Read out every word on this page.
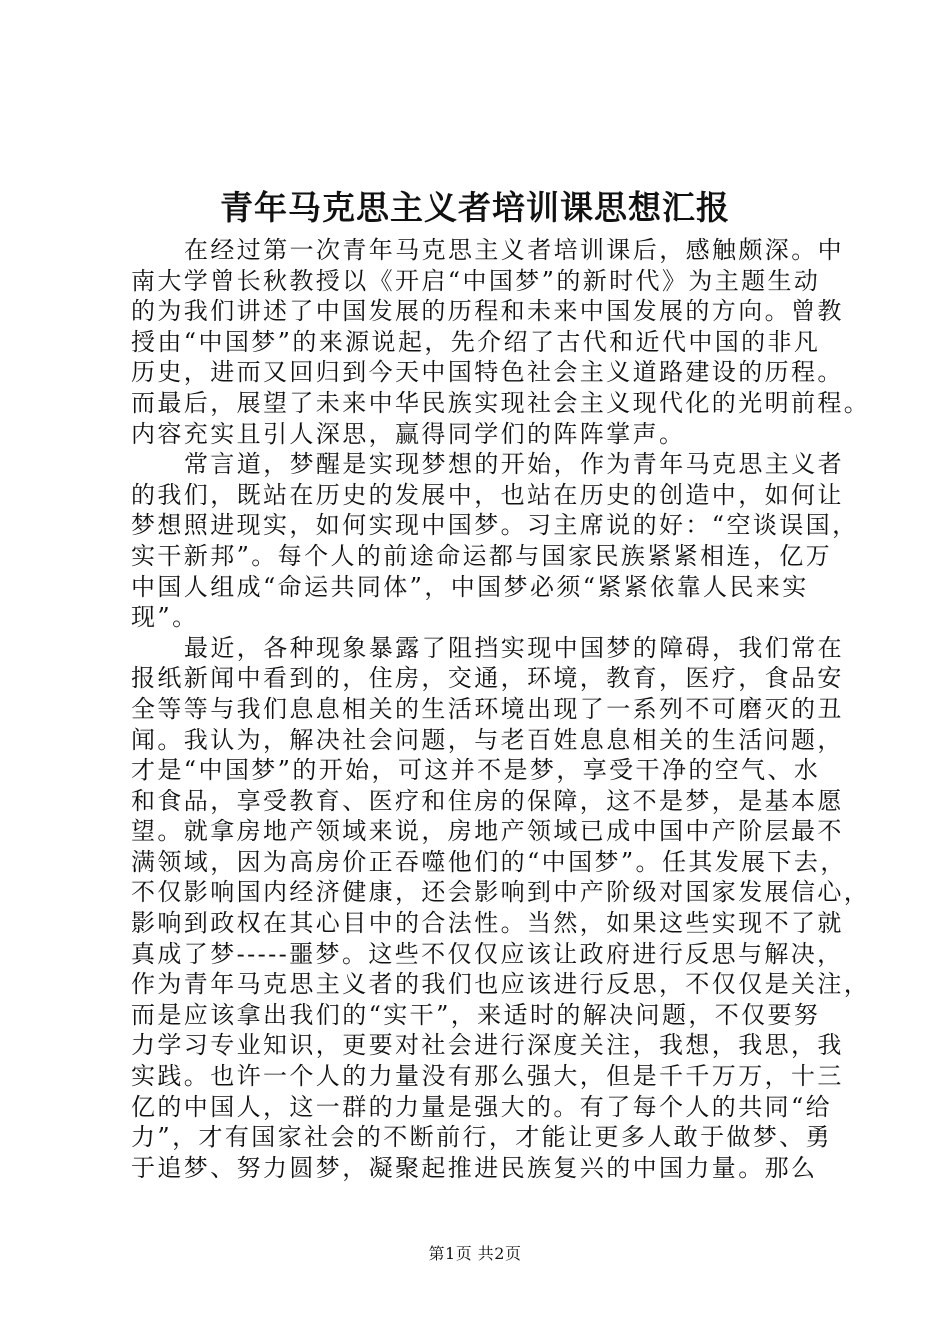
青年马克思主义者培训课思想汇报
在经过第一次青年马克思主义者培训课后，感触颇深。中
南大学曾长秋教授以《开启“中国梦”的新时代》为主题生动
的为我们讲述了中国发展的历程和未来中国发展的方向。曾教
授由“中国梦”的来源说起，先介绍了古代和近代中国的非凡
历史，进而又回归到今天中国特色社会主义道路建设的历程。
而最后，展望了未来中华民族实现社会主义现代化的光明前程。
内容充实且引人深思，赢得同学们的阵阵掌声。
常言道，梦醒是实现梦想的开始，作为青年马克思主义者
的我们，既站在历史的发展中，也站在历史的创造中，如何让
梦想照进现实，如何实现中国梦。习主席说的好：“空谈误国，
实干新邦”。每个人的前途命运都与国家民族紧紧相连，亿万
中国人组成“命运共同体”，中国梦必须“紧紧依靠人民来实
现”。
最近，各种现象暴露了阻挡实现中国梦的障碍，我们常在
报纸新闻中看到的，住房，交通，环境，教育，医疗，食品安
全等等与我们息息相关的生活环境出现了一系列不可磨灭的丑
闻。我认为，解决社会问题，与老百姓息息相关的生活问题，
才是“中国梦”的开始，可这并不是梦，享受干净的空气、水
和食品，享受教育、医疗和住房的保障，这不是梦，是基本愿
望。就拿房地产领域来说，房地产领域已成中国中产阶层最不
满领域，因为高房价正吞噬他们的“中国梦”。任其发展下去，
不仅影响国内经济健康，还会影响到中产阶级对国家发展信心，
影响到政权在其心目中的合法性。当然，如果这些实现不了就
真成了梦-----噩梦。这些不仅仅应该让政府进行反思与解决，
作为青年马克思主义者的我们也应该进行反思，不仅仅是关注，
而是应该拿出我们的“实干”，来适时的解决问题，不仅要努
力学习专业知识，更要对社会进行深度关注，我想，我思，我
实践。也许一个人的力量没有那么强大，但是千千万万，十三
亿的中国人，这一群的力量是强大的。有了每个人的共同“给
力”，才有国家社会的不断前行，才能让更多人敢于做梦、勇
于追梦、努力圆梦，凝聚起推进民族复兴的中国力量。那么
第1页 共2页
